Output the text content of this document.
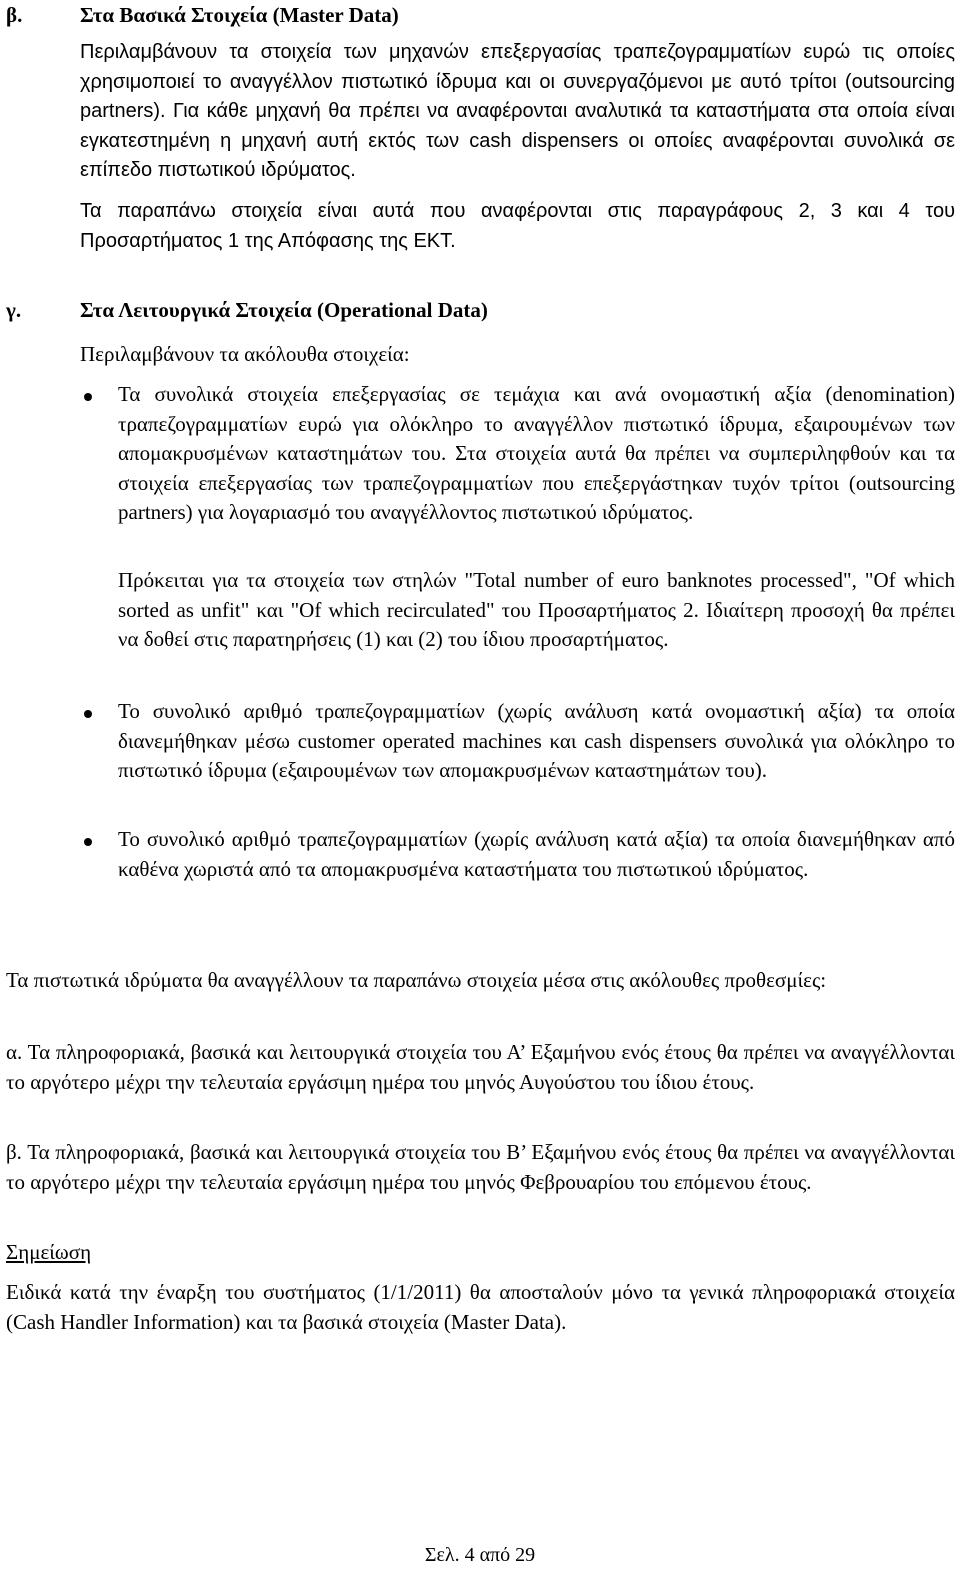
β.	Στα Βασικά Στοιχεία (Master Data)
Περιλαμβάνουν τα στοιχεία των μηχανών επεξεργασίας τραπεζογραμματίων ευρώ τις οποίες χρησιμοποιεί το αναγγέλλον πιστωτικό ίδρυμα και οι συνεργαζόμενοι με αυτό τρίτοι (outsourcing partners). Για κάθε μηχανή θα πρέπει να αναφέρονται αναλυτικά τα καταστήματα στα οποία είναι εγκατεστημένη η μηχανή αυτή εκτός των cash dispensers οι οποίες αναφέρονται συνολικά σε επίπεδο πιστωτικού ιδρύματος.
Τα παραπάνω στοιχεία είναι αυτά που αναφέρονται στις παραγράφους 2, 3 και 4 του Προσαρτήματος 1 της Απόφασης της ΕΚΤ.
γ.	Στα Λειτουργικά Στοιχεία (Operational Data)
Περιλαμβάνουν τα ακόλουθα στοιχεία:
Τα συνολικά στοιχεία επεξεργασίας σε τεμάχια και ανά ονομαστική αξία (denomination) τραπεζογραμματίων ευρώ για ολόκληρο το αναγγέλλον πιστωτικό ίδρυμα, εξαιρουμένων των απομακρυσμένων καταστημάτων του. Στα στοιχεία αυτά θα πρέπει να συμπεριληφθούν και τα στοιχεία επεξεργασίας των τραπεζογραμματίων που επεξεργάστηκαν τυχόν τρίτοι (outsourcing partners) για λογαριασμό του αναγγέλλοντος πιστωτικού ιδρύματος.
Πρόκειται για τα στοιχεία των στηλών "Total number of euro banknotes processed", "Of which sorted as unfit" και "Of which recirculated" του Προσαρτήματος 2. Ιδιαίτερη προσοχή θα πρέπει να δοθεί στις παρατηρήσεις (1) και (2) του ίδιου προσαρτήματος.
Το συνολικό αριθμό τραπεζογραμματίων (χωρίς ανάλυση κατά ονομαστική αξία) τα οποία διανεμήθηκαν μέσω customer operated machines και cash dispensers συνολικά για ολόκληρο το πιστωτικό ίδρυμα (εξαιρουμένων των απομακρυσμένων καταστημάτων του).
Το συνολικό αριθμό τραπεζογραμματίων (χωρίς ανάλυση κατά αξία) τα οποία διανεμήθηκαν από καθένα χωριστά από τα απομακρυσμένα καταστήματα του πιστωτικού ιδρύματος.
Τα πιστωτικά ιδρύματα θα αναγγέλλουν τα παραπάνω στοιχεία μέσα στις ακόλουθες προθεσμίες:
α. Τα πληροφοριακά, βασικά και λειτουργικά στοιχεία του Α’ Εξαμήνου ενός έτους θα πρέπει να αναγγέλλονται το αργότερο μέχρι την τελευταία εργάσιμη ημέρα του μηνός Αυγούστου του ίδιου έτους.
β. Τα πληροφοριακά, βασικά και λειτουργικά στοιχεία του Β’ Εξαμήνου ενός έτους θα πρέπει να αναγγέλλονται το αργότερο μέχρι την τελευταία εργάσιμη ημέρα του μηνός Φεβρουαρίου του επόμενου έτους.
Σημείωση
Ειδικά κατά την έναρξη του συστήματος (1/1/2011) θα αποσταλούν μόνο τα γενικά πληροφοριακά στοιχεία (Cash Handler Information) και τα βασικά στοιχεία (Master Data).
Σελ. 4 από 29
